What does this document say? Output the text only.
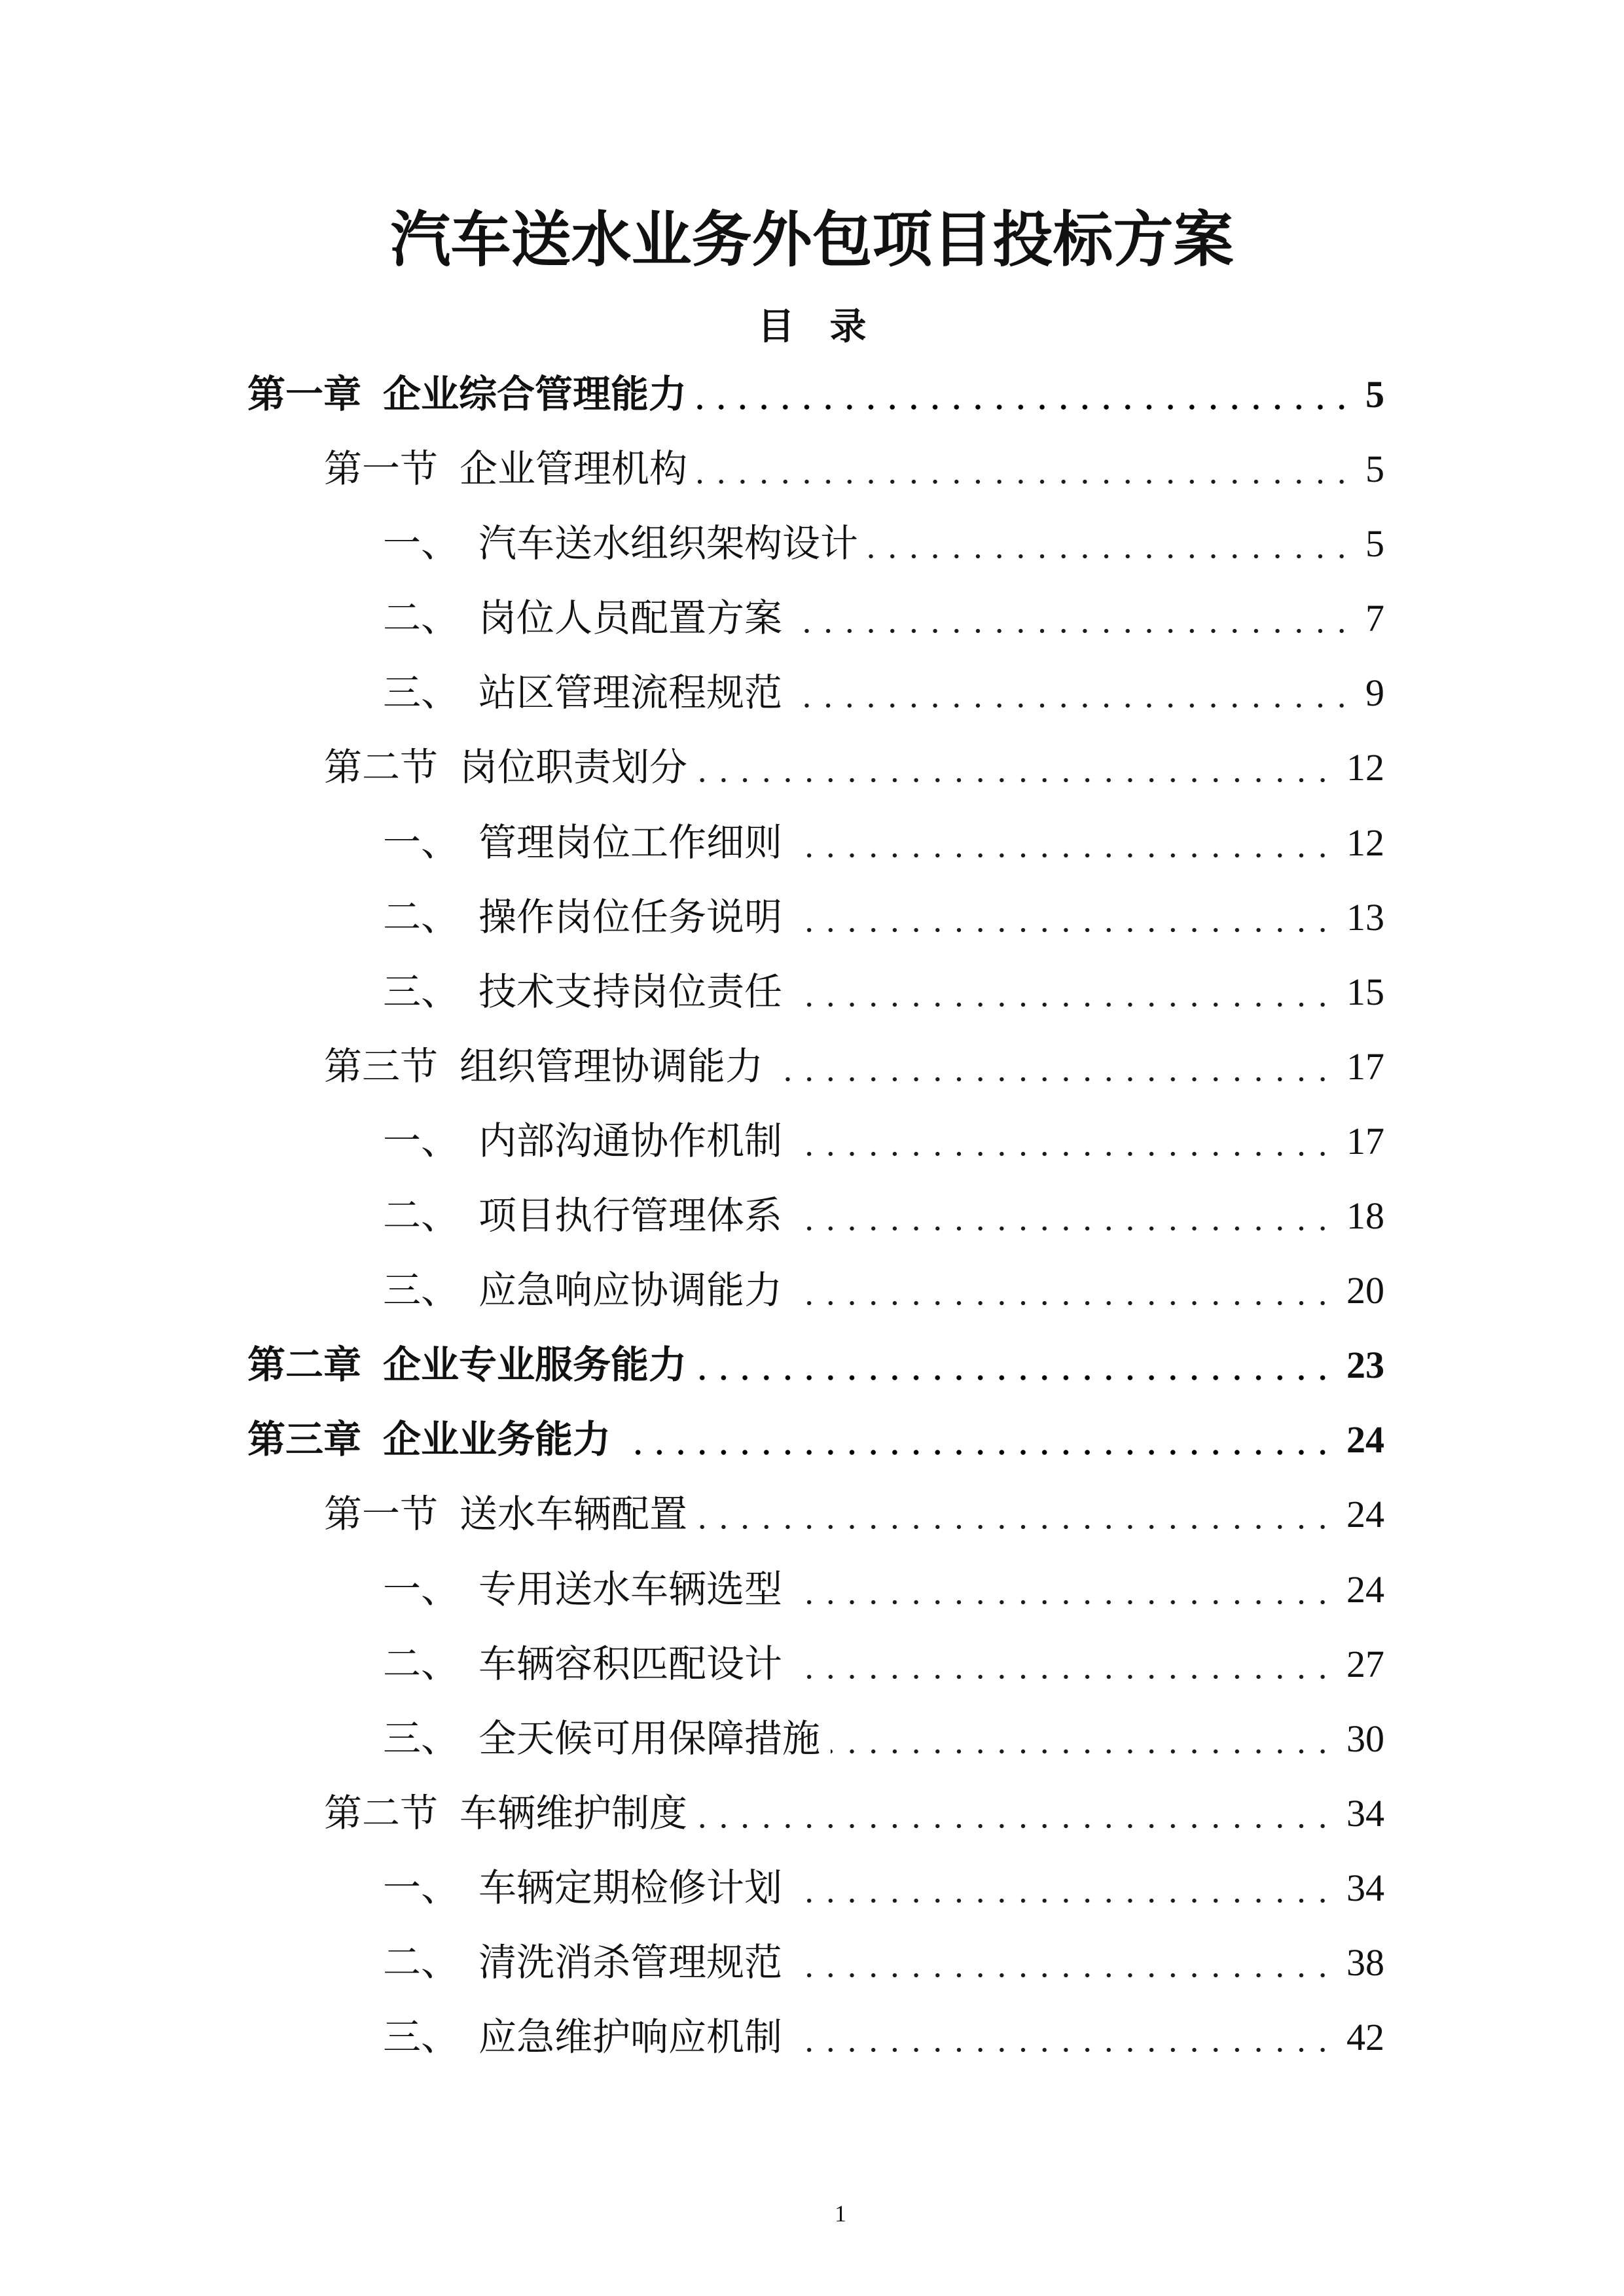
汽车送水业务外包项目投标方案
目 录
第一章 企业综合管理能力	5
第一节 企业管理机构	5
一、 汽车送水组织架构设计	5
二、 岗位人员配置方案	7
三、 站区管理流程规范	9
第二节 岗位职责划分	12
一、 管理岗位工作细则	12
二、 操作岗位任务说明	13
三、 技术支持岗位责任	15
第三节 组织管理协调能力	17
一、 内部沟通协作机制	17
二、 项目执行管理体系	18
三、 应急响应协调能力	20
第二章 企业专业服务能力	23
第三章 企业业务能力	24
第一节 送水车辆配置	24
一、 专用送水车辆选型	24
二、 车辆容积匹配设计	27
三、 全天候可用保障措施	30
第二节 车辆维护制度	34
一、 车辆定期检修计划	34
二、 清洗消杀管理规范	38
三、 应急维护响应机制	42
1
